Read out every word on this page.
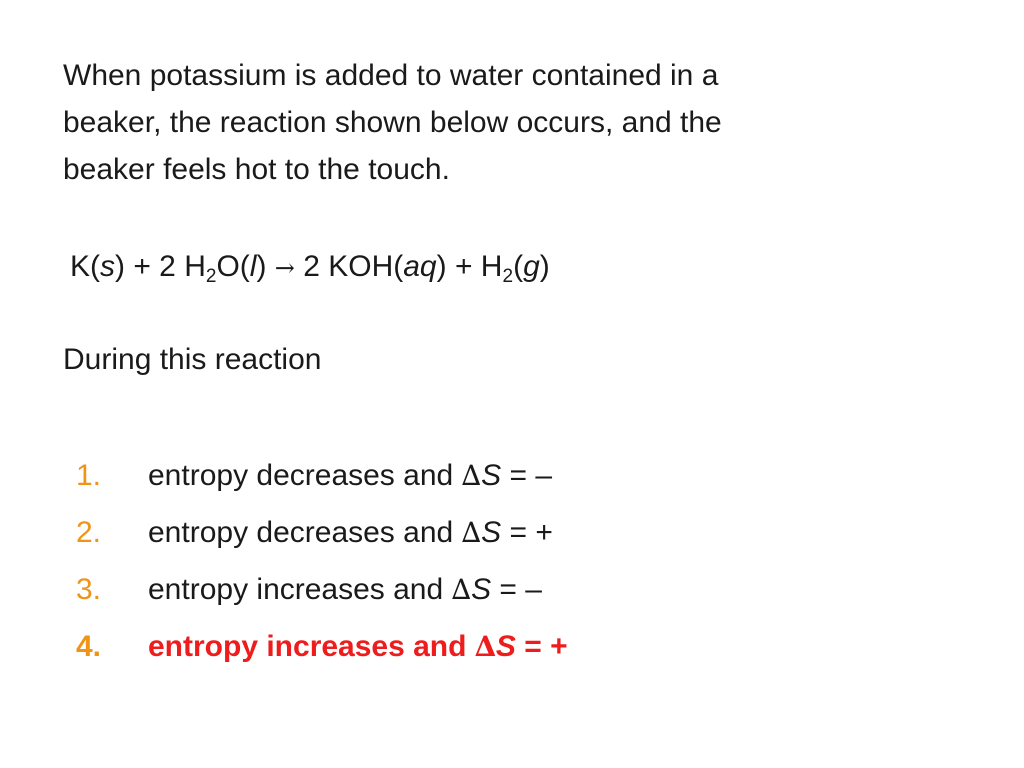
When potassium is added to water contained in a
beaker, the reaction shown below occurs, and the
beaker feels hot to the touch.
K(s) + 2 $H_2O(l) \to 2$ $KOH(aq) + H_2(g)$
During this reaction
1.	entropy decreases and ∆S = –
2.	entropy decreases and ∆S = +
3.	entropy increases and ∆S = –
4.	entropy increases and ∆S = +
